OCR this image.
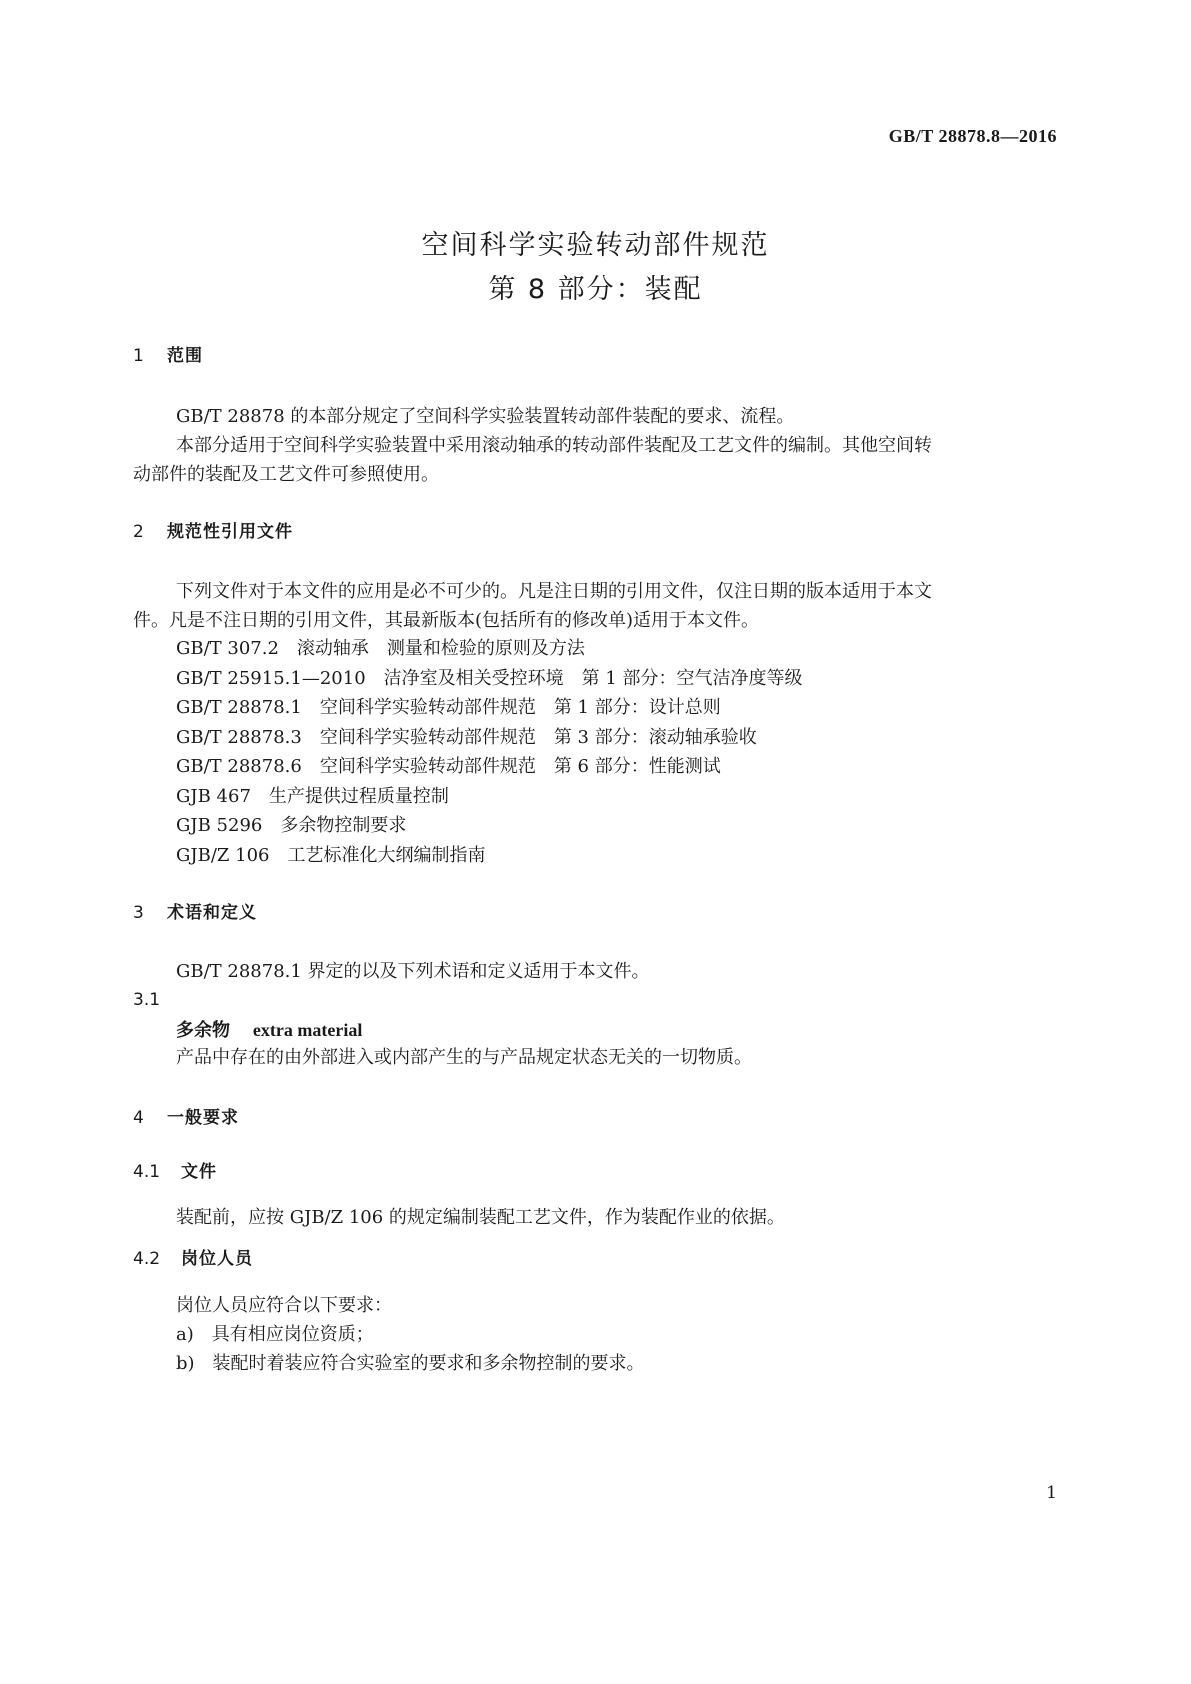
GB/T 28878.8—2016
空间科学实验转动部件规范
第 8 部分：装配
1 范围
GB/T 28878 的本部分规定了空间科学实验装置转动部件装配的要求、流程。
本部分适用于空间科学实验装置中采用滚动轴承的转动部件装配及工艺文件的编制。其他空间转
动部件的装配及工艺文件可参照使用。
2 规范性引用文件
下列文件对于本文件的应用是必不可少的。凡是注日期的引用文件，仅注日期的版本适用于本文
件。凡是不注日期的引用文件，其最新版本(包括所有的修改单)适用于本文件。
GB/T 307.2　滚动轴承　测量和检验的原则及方法
GB/T 25915.1—2010　洁净室及相关受控环境　第 1 部分：空气洁净度等级
GB/T 28878.1　空间科学实验转动部件规范　第 1 部分：设计总则
GB/T 28878.3　空间科学实验转动部件规范　第 3 部分：滚动轴承验收
GB/T 28878.6　空间科学实验转动部件规范　第 6 部分：性能测试
GJB 467　生产提供过程质量控制
GJB 5296　多余物控制要求
GJB/Z 106　工艺标准化大纲编制指南
3 术语和定义
GB/T 28878.1 界定的以及下列术语和定义适用于本文件。
3.1
多余物 extra material
产品中存在的由外部进入或内部产生的与产品规定状态无关的一切物质。
4 一般要求
4.1 文件
装配前，应按 GJB/Z 106 的规定编制装配工艺文件，作为装配作业的依据。
4.2 岗位人员
岗位人员应符合以下要求：
a)　具有相应岗位资质；
b)　装配时着装应符合实验室的要求和多余物控制的要求。
1
